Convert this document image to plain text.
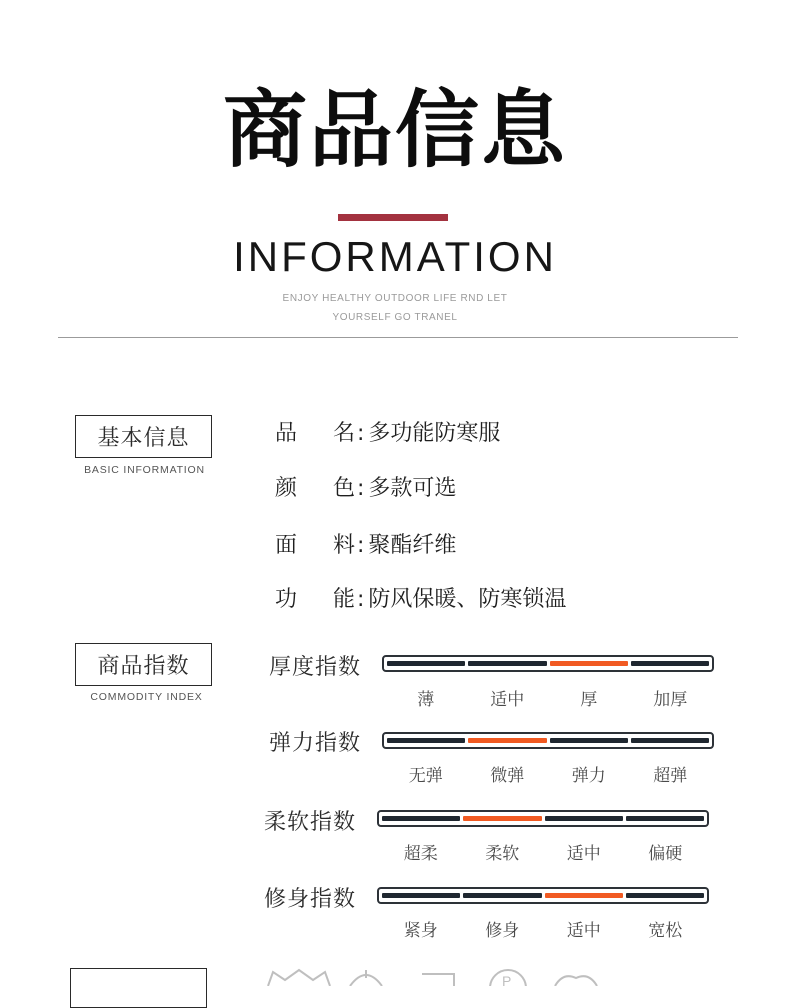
商品信息
INFORMATION
ENJOY HEALTHY OUTDOOR LIFE RND LET
YOURSELF GO TRANEL
基本信息
BASIC INFORMATION
品 名 : 多功能防寒服
颜 色 : 多款可选
面 料 : 聚酯纤维
功 能 : 防风保暖、防寒锁温
商品指数
COMMODITY INDEX
厚度指数
薄	适中	厚	加厚
弹力指数
无弹	微弹	弹力	超弹
柔软指数
超柔	柔软	适中	偏硬
修身指数
紧身	修身	适中	宽松
P
